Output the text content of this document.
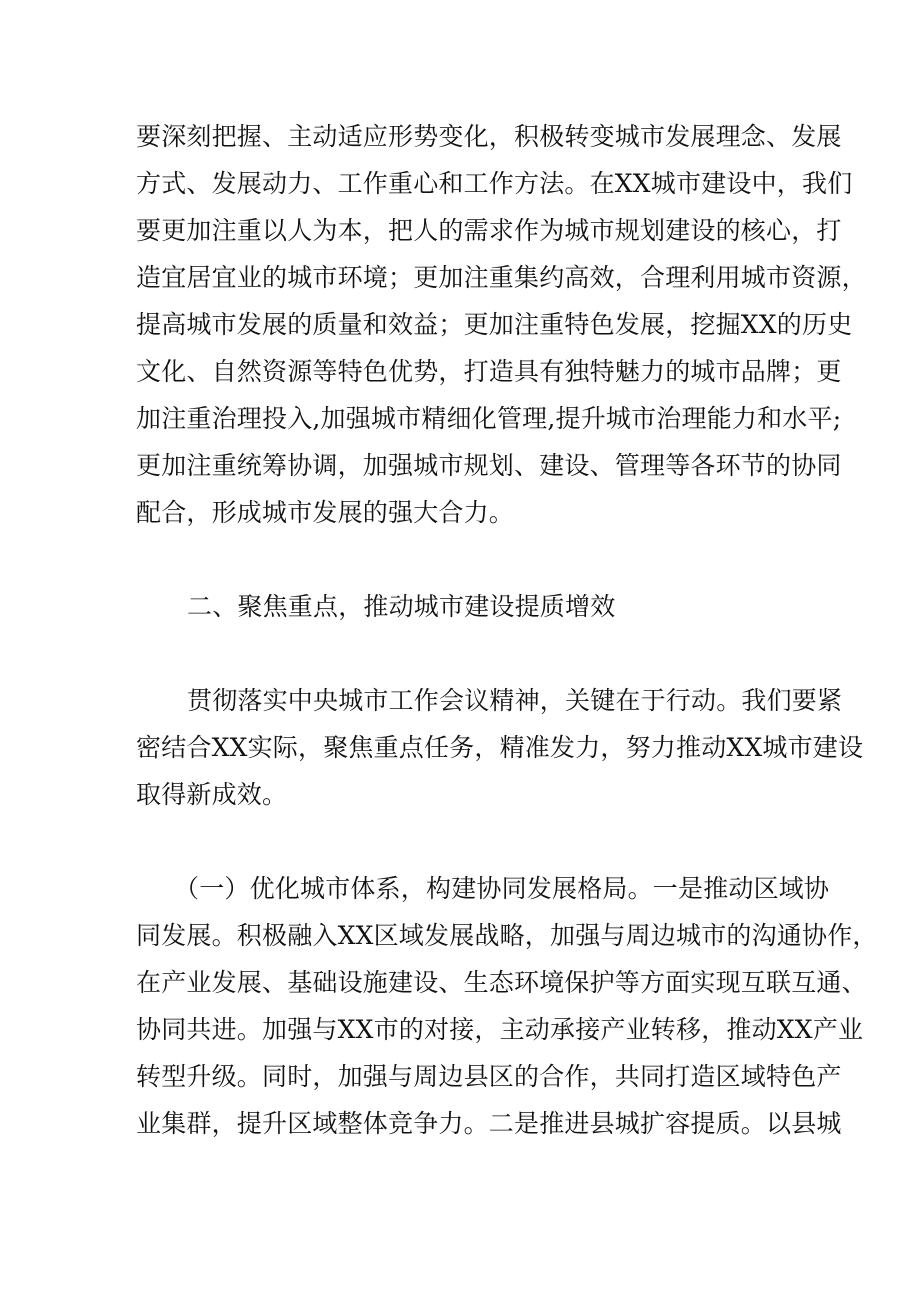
要深刻把握、主动适应形势变化，积极转变城市发展理念、发展
方式、发展动力、工作重心和工作方法。在XX城市建设中，我们
要更加注重以人为本，把人的需求作为城市规划建设的核心，打
造宜居宜业的城市环境；更加注重集约高效，合理利用城市资源，
提高城市发展的质量和效益；更加注重特色发展，挖掘XX的历史
文化、自然资源等特色优势，打造具有独特魅力的城市品牌；更
加注重治理投入,加强城市精细化管理,提升城市治理能力和水平;
更加注重统筹协调，加强城市规划、建设、管理等各环节的协同
配合，形成城市发展的强大合力。
二、聚焦重点，推动城市建设提质增效
贯彻落实中央城市工作会议精神，关键在于行动。我们要紧
密结合XX实际，聚焦重点任务，精准发力，努力推动XX城市建设
取得新成效。
（一）优化城市体系，构建协同发展格局。一是推动区域协
同发展。积极融入XX区域发展战略，加强与周边城市的沟通协作，
在产业发展、基础设施建设、生态环境保护等方面实现互联互通、
协同共进。加强与XX市的对接，主动承接产业转移，推动XX产业
转型升级。同时，加强与周边县区的合作，共同打造区域特色产
业集群，提升区域整体竞争力。二是推进县城扩容提质。以县城
